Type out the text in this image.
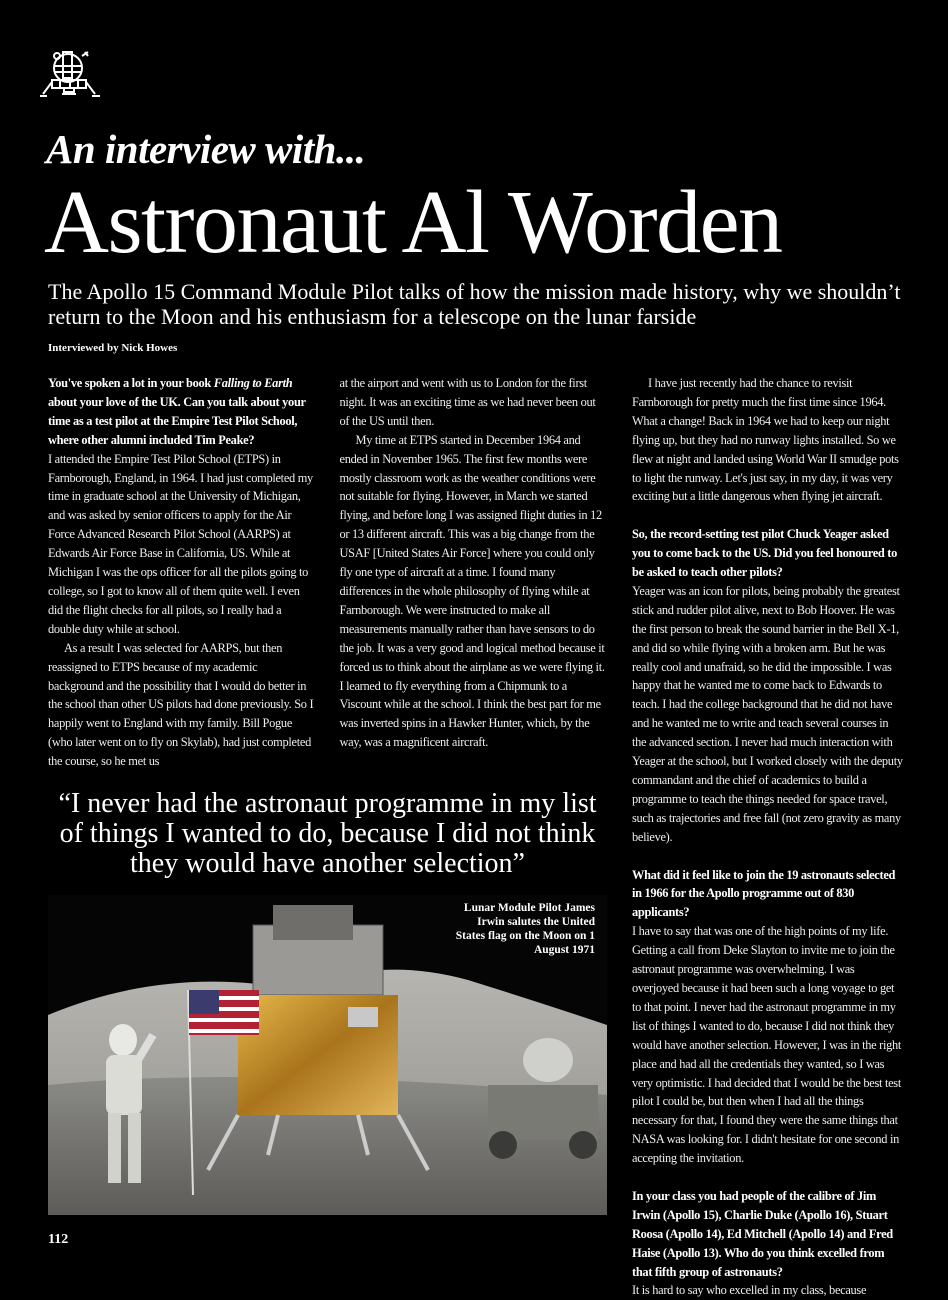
An interview with...
Astronaut Al Worden
The Apollo 15 Command Module Pilot talks of how the mission made history, why we shouldn’t return to the Moon and his enthusiasm for a telescope on the lunar farside
Interviewed by Nick Howes

You've spoken a lot in your book Falling to Earth about your love of the UK. Can you talk about your time as a test pilot at the Empire Test Pilot School, where other alumni included Tim Peake?

I attended the Empire Test Pilot School (ETPS) in Farnborough, England, in 1964. I had just completed my time in graduate school at the University of Michigan, and was asked by senior officers to apply for the Air Force Advanced Research Pilot School (AARPS) at Edwards Air Force Base in California, US. While at Michigan I was the ops officer for all the pilots going to college, so I got to know all of them quite well. I even did the flight checks for all pilots, so I really had a double duty while at school.

As a result I was selected for AARPS, but then reassigned to ETPS because of my academic background and the possibility that I would do better in the school than other US pilots had done previously. So I happily went to England with my family. Bill Pogue (who later went on to fly on Skylab), had just completed the course, so he met us

at the airport and went with us to London for the first night. It was an exciting time as we had never been out of the US until then.

My time at ETPS started in December 1964 and ended in November 1965. The first few months were mostly classroom work as the weather conditions were not suitable for flying. However, in March we started flying, and before long I was assigned flight duties in 12 or 13 different aircraft. This was a big change from the USAF [United States Air Force] where you could only fly one type of aircraft at a time. I found many differences in the whole philosophy of flying while at Farnborough. We were instructed to make all measurements manually rather than have sensors to do the job. It was a very good and logical method because it forced us to think about the airplane as we were flying it. I learned to fly everything from a Chipmunk to a Viscount while at the school. I think the best part for me was inverted spins in a Hawker Hunter, which, by the way, was a magnificent aircraft.

“I never had the astronaut programme in my list of things I wanted to do, because I did not think they would have another selection”
Lunar Module Pilot James Irwin salutes the United States flag on the Moon on 1 August 1971

I have just recently had the chance to revisit Farnborough for pretty much the first time since 1964. What a change! Back in 1964 we had to keep our night flying up, but they had no runway lights installed. So we flew at night and landed using World War II smudge pots to light the runway. Let's just say, in my day, it was very exciting but a little dangerous when flying jet aircraft.

So, the record-setting test pilot Chuck Yeager asked you to come back to the US. Did you feel honoured to be asked to teach other pilots?

Yeager was an icon for pilots, being probably the greatest stick and rudder pilot alive, next to Bob Hoover. He was the first person to break the sound barrier in the Bell X-1, and did so while flying with a broken arm. But he was really cool and unafraid, so he did the impossible. I was happy that he wanted me to come back to Edwards to teach. I had the college background that he did not have and he wanted me to write and teach several courses in the advanced section. I never had much interaction with Yeager at the school, but I worked closely with the deputy commandant and the chief of academics to build a programme to teach the things needed for space travel, such as trajectories and free fall (not zero gravity as many believe).

What did it feel like to join the 19 astronauts selected in 1966 for the Apollo programme out of 830 applicants?

I have to say that was one of the high points of my life. Getting a call from Deke Slayton to invite me to join the astronaut programme was overwhelming. I was overjoyed because it had been such a long voyage to get to that point. I never had the astronaut programme in my list of things I wanted to do, because I did not think they would have another selection. However, I was in the right place and had all the credentials they wanted, so I was very optimistic. I had decided that I would be the best test pilot I could be, but then when I had all the things necessary for that, I found they were the same things that NASA was looking for. I didn't hesitate for one second in accepting the invitation.

In your class you had people of the calibre of Jim Irwin (Apollo 15), Charlie Duke (Apollo 16), Stuart Roosa (Apollo 14), Ed Mitchell (Apollo 14) and Fred Haise (Apollo 13). Who do you think excelled from that fifth group of astronauts?

It is hard to say who excelled in my class, because

112
